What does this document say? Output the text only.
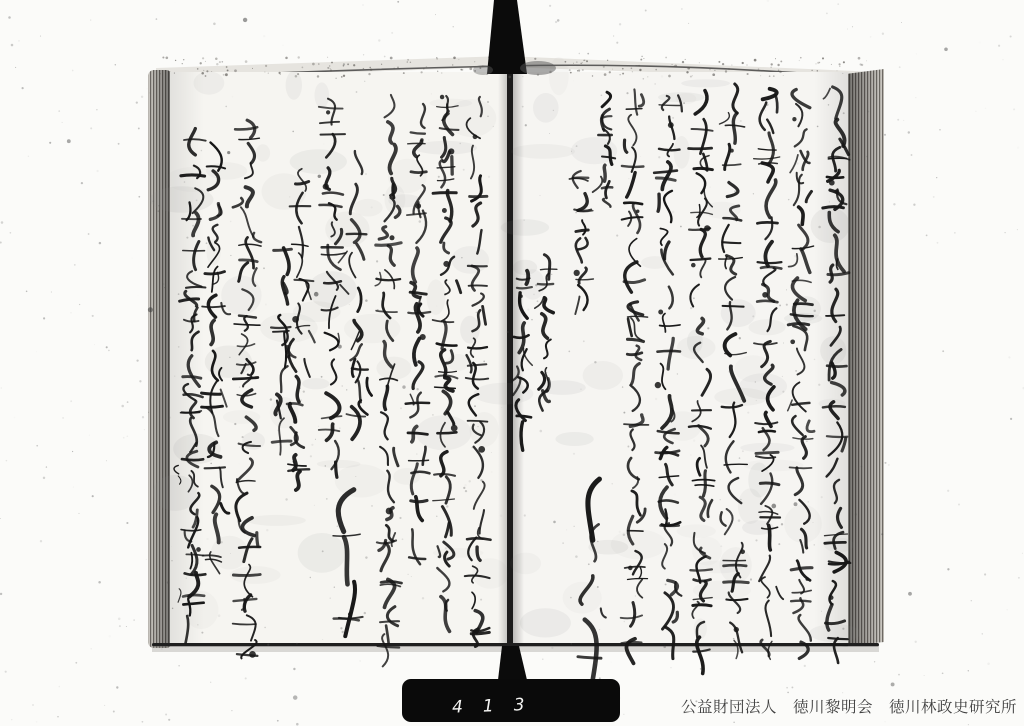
413	公益財団法人　徳川黎明会　徳川林政史研究所
